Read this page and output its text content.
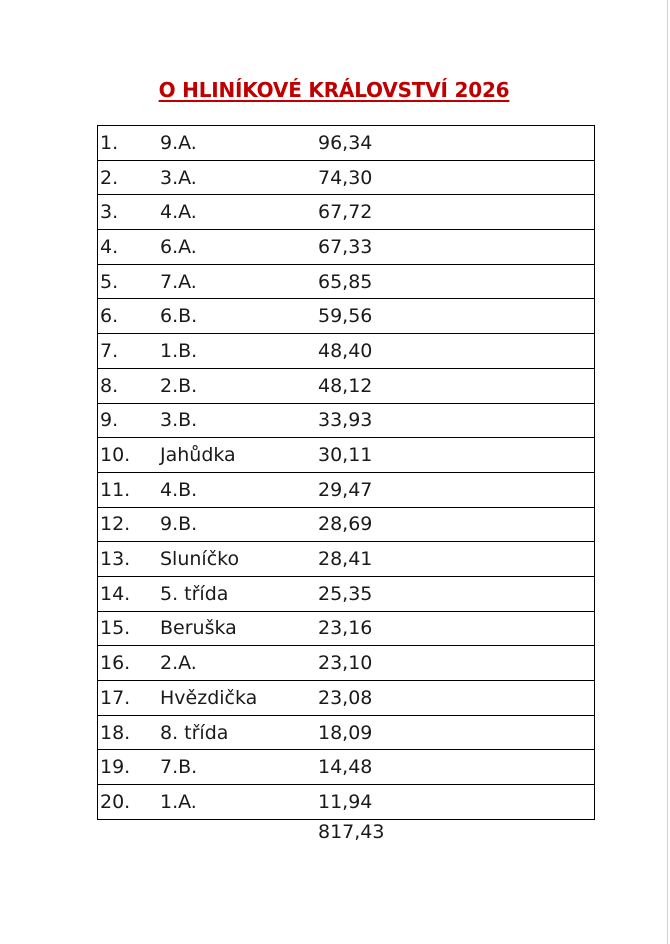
O HLINÍKOVÉ KRÁLOVSTVÍ 2026
1.	9.A.	96,34
2.	3.A.	74,30
3.	4.A.	67,72
4.	6.A.	67,33
5.	7.A.	65,85
6.	6.B.	59,56
7.	1.B.	48,40
8.	2.B.	48,12
9.	3.B.	33,93
10.	Jahůdka	30,11
11.	4.B.	29,47
12.	9.B.	28,69
13.	Sluníčko	28,41
14.	5. třída	25,35
15.	Beruška	23,16
16.	2.A.	23,10
17.	Hvězdička	23,08
18.	8. třída	18,09
19.	7.B.	14,48
20.	1.A.	11,94
817,43
